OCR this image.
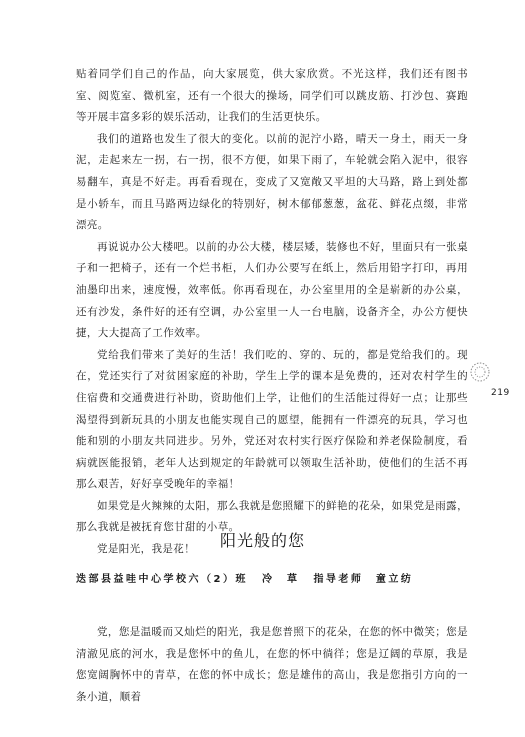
贴着同学们自己的作品，向大家展览，供大家欣赏。不光这样，我们还有图书室、阅览室、微机室，还有一个很大的操场，同学们可以跳皮筋、打沙包、赛跑等开展丰富多彩的娱乐活动，让我们的生活更快乐。

我们的道路也发生了很大的变化。以前的泥泞小路，晴天一身土，雨天一身泥，走起来左一拐，右一拐，很不方便，如果下雨了，车轮就会陷入泥中，很容易翻车，真是不好走。再看看现在，变成了又宽敞又平坦的大马路，路上到处都是小轿车，而且马路两边绿化的特别好，树木郁郁葱葱，盆花、鲜花点缀，非常漂亮。

再说说办公大楼吧。以前的办公大楼，楼层矮，装修也不好，里面只有一张桌子和一把椅子，还有一个烂书柜，人们办公要写在纸上，然后用铅字打印，再用油墨印出来，速度慢，效率低。你再看现在，办公室里用的全是崭新的办公桌，还有沙发，条件好的还有空调，办公室里一人一台电脑，设备齐全，办公方便快捷，大大提高了工作效率。

党给我们带来了美好的生活！我们吃的、穿的、玩的，都是党给我们的。现在，党还实行了对贫困家庭的补助，学生上学的课本是免费的，还对农村学生的住宿费和交通费进行补助，资助他们上学，让他们的生活能过得好一点；让那些渴望得到新玩具的小朋友也能实现自己的愿望，能拥有一件漂亮的玩具，学习也能和别的小朋友共同进步。另外，党还对农村实行医疗保险和养老保险制度，看病就医能报销，老年人达到规定的年龄就可以领取生活补助，使他们的生活不再那么艰苦，好好享受晚年的幸福！

如果党是火辣辣的太阳，那么我就是您照耀下的鲜艳的花朵，如果党是雨露，那么我就是被抚育您甘甜的小草。

党是阳光，我是花！

219
阳光般的您
迭部县益哇中心学校六（2）班 冷　草 指导老师　童立纺

党，您是温暖而又灿烂的阳光，我是您普照下的花朵，在您的怀中微笑；您是清澈见底的河水，我是您怀中的鱼儿，在您的怀中徜徉；您是辽阔的草原，我是您宽阔胸怀中的青草，在您的怀中成长；您是雄伟的高山，我是您指引方向的一条小道，顺着
